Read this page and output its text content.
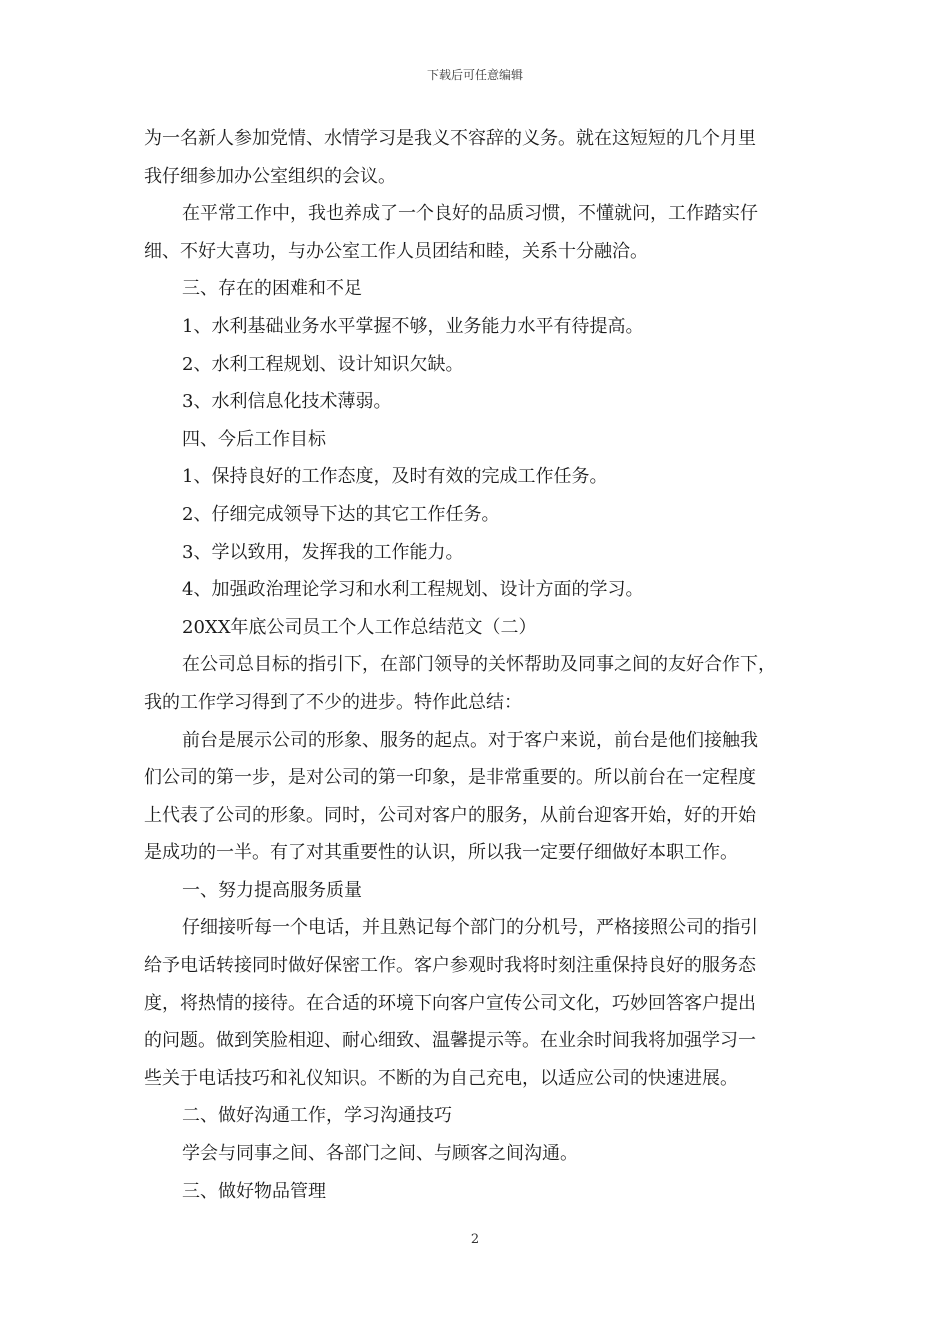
下载后可任意编辑
为一名新人参加党情、水情学习是我义不容辞的义务。就在这短短的几个月里
我仔细参加办公室组织的会议。
在平常工作中，我也养成了一个良好的品质习惯，不懂就问，工作踏实仔
细、不好大喜功，与办公室工作人员团结和睦，关系十分融洽。
三、存在的困难和不足
1、水利基础业务水平掌握不够，业务能力水平有待提高。
2、水利工程规划、设计知识欠缺。
3、水利信息化技术薄弱。
四、今后工作目标
1、保持良好的工作态度，及时有效的完成工作任务。
2、仔细完成领导下达的其它工作任务。
3、学以致用，发挥我的工作能力。
4、加强政治理论学习和水利工程规划、设计方面的学习。
20XX年底公司员工个人工作总结范文（二）
在公司总目标的指引下，在部门领导的关怀帮助及同事之间的友好合作下，
我的工作学习得到了不少的进步。特作此总结：
前台是展示公司的形象、服务的起点。对于客户来说，前台是他们接触我
们公司的第一步，是对公司的第一印象，是非常重要的。所以前台在一定程度
上代表了公司的形象。同时，公司对客户的服务，从前台迎客开始，好的开始
是成功的一半。有了对其重要性的认识，所以我一定要仔细做好本职工作。
一、努力提高服务质量
仔细接听每一个电话，并且熟记每个部门的分机号，严格接照公司的指引
给予电话转接同时做好保密工作。客户参观时我将时刻注重保持良好的服务态
度，将热情的接待。在合适的环境下向客户宣传公司文化，巧妙回答客户提出
的问题。做到笑脸相迎、耐心细致、温馨提示等。在业余时间我将加强学习一
些关于电话技巧和礼仪知识。不断的为自己充电，以适应公司的快速进展。
二、做好沟通工作，学习沟通技巧
学会与同事之间、各部门之间、与顾客之间沟通。
三、做好物品管理
2
